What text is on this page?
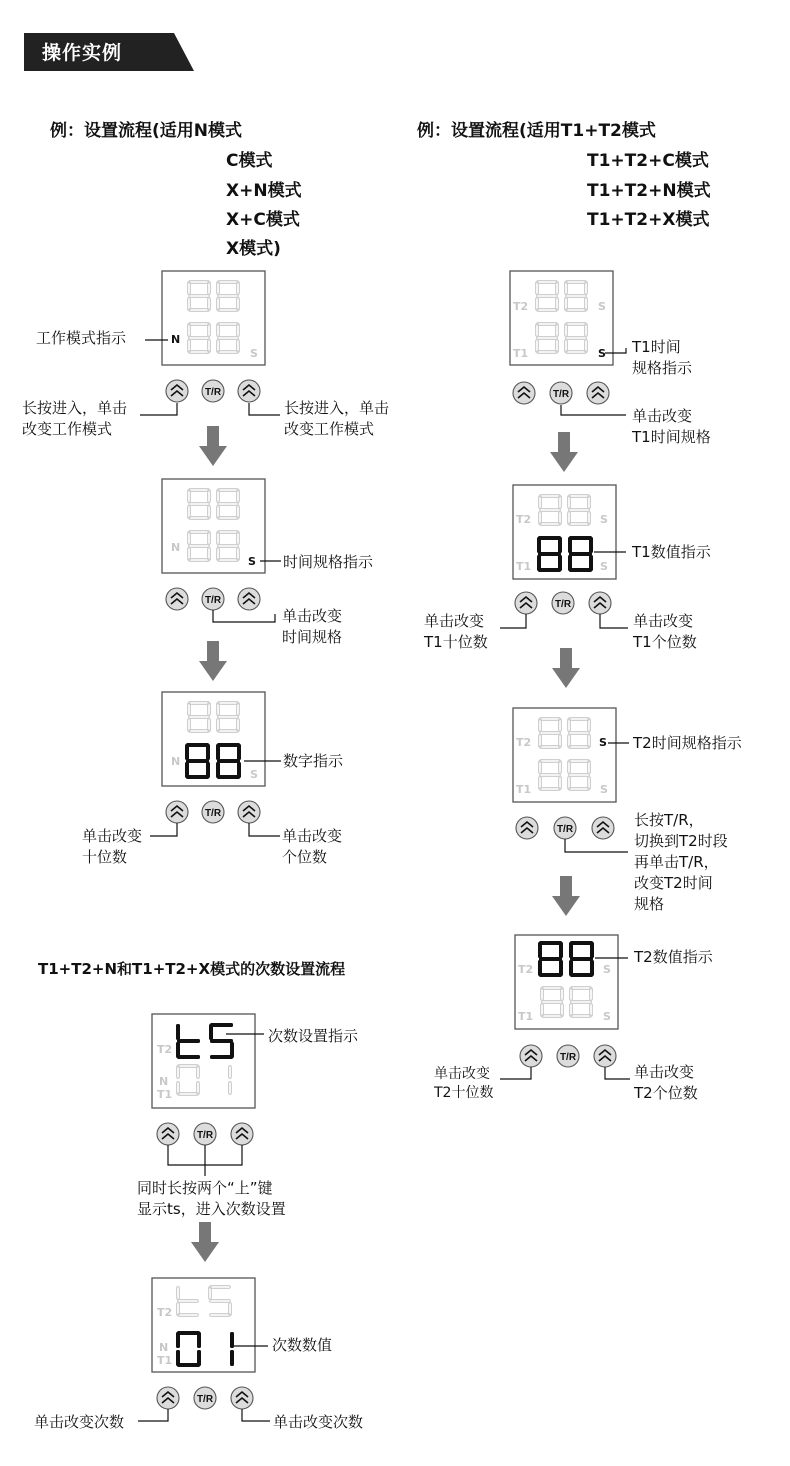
T/R
T/R
T/R
T/R
T/R
T/R
T/R
T/R
T/R
操作实例
例：设置流程(适用N模式
C模式
X+N模式
X+C模式
X模式)
例：设置流程(适用T1+T2模式
T1+T2+C模式
T1+T2+N模式
T1+T2+X模式
T1+T2+N和T1+T2+X模式的次数设置流程
N
S
工作模式指示
长按进入，单击
改变工作模式
长按进入，单击
改变工作模式
N
S 时间规格指示
单击改变
时间规格
N
S
数字指示
单击改变
十位数
单击改变
个位数
T2
T1
S
S T1时间
规格指示
单击改变
T1时间规格
T2
T1
S
S
T1数值指示
单击改变
T1十位数
单击改变
T1个位数
T2
T1
S
S
T2时间规格指示
长按T/R，
切换到T2时段
再单击T/R，
改变T2时间
规格
T2
T1
S
S
T2数值指示
单击改变
T2十位数
单击改变
T2个位数
T2
N
T1
次数设置指示
同时长按两个“上”键
显示ts，进入次数设置
T2
N
T1
次数数值
单击改变次数	单击改变次数
